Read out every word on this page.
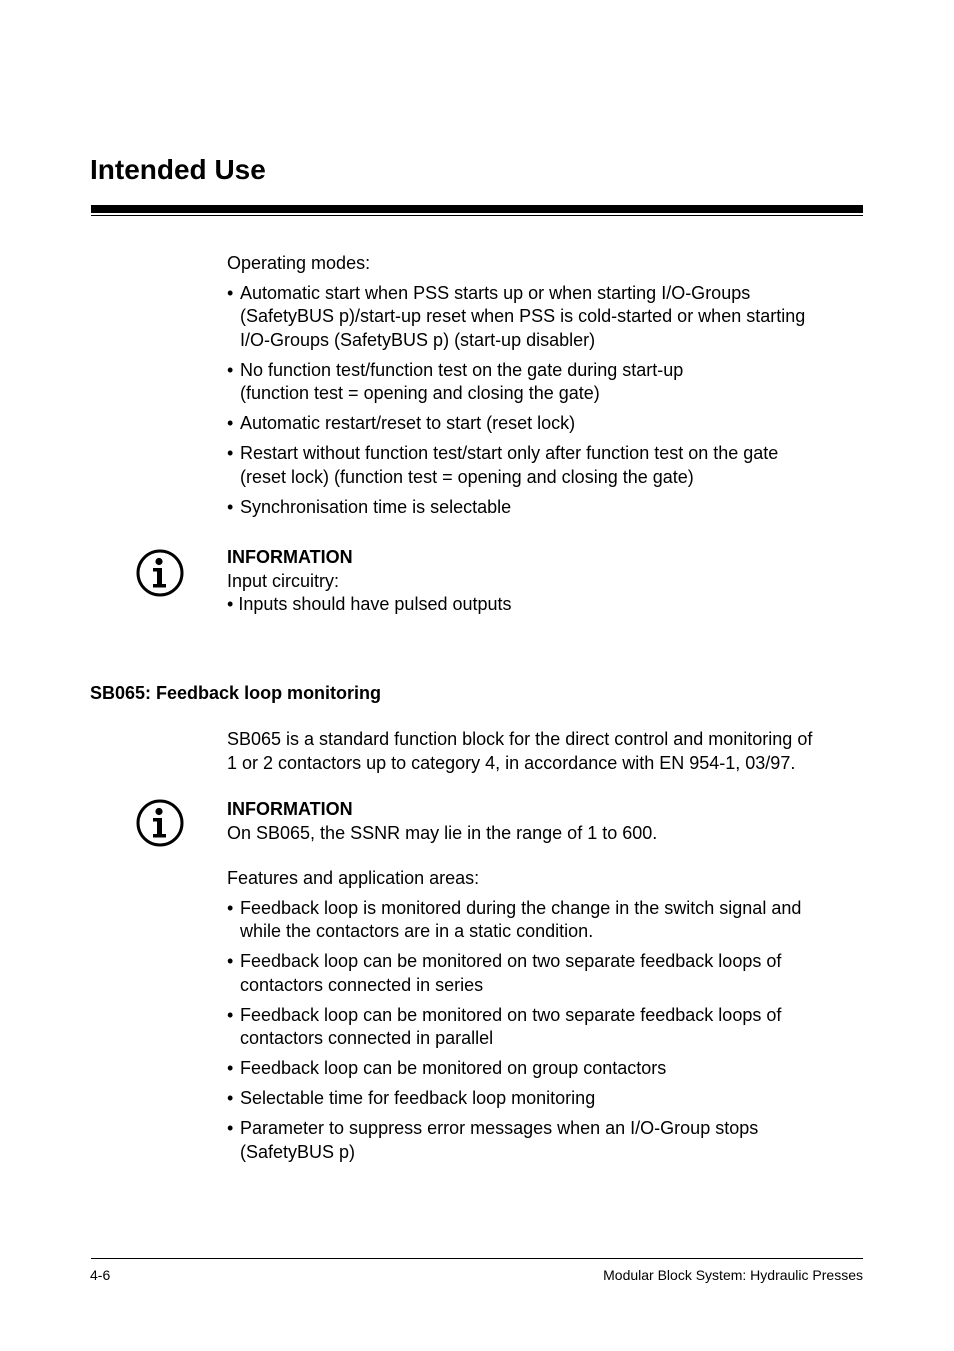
Intended Use

Operating modes:

• Automatic start when PSS starts up or when starting I/O-Groups
(SafetyBUS p)/start-up reset when PSS is cold-started or when starting
I/O-Groups (SafetyBUS p) (start-up disabler)
• No function test/function test on the gate during start-up
(function test = opening and closing the gate)
• Automatic restart/reset to start (reset lock)
• Restart without function test/start only after function test on the gate
(reset lock) (function test = opening and closing the gate)
• Synchronisation time is selectable

INFORMATION

Input circuitry:

• Inputs should have pulsed outputs

SB065: Feedback loop monitoring

SB065 is a standard function block for the direct control and monitoring of
1 or 2 contactors up to category 4, in accordance with EN 954-1, 03/97.

INFORMATION

On SB065, the SSNR may lie in the range of 1 to 600.

Features and application areas:

• Feedback loop is monitored during the change in the switch signal and
while the contactors are in a static condition.
• Feedback loop can be monitored on two separate feedback loops of
contactors connected in series
• Feedback loop can be monitored on two separate feedback loops of
contactors connected in parallel
• Feedback loop can be monitored on group contactors
• Selectable time for feedback loop monitoring
• Parameter to suppress error messages when an I/O-Group stops
(SafetyBUS p)
4-6	Modular Block System: Hydraulic Presses
